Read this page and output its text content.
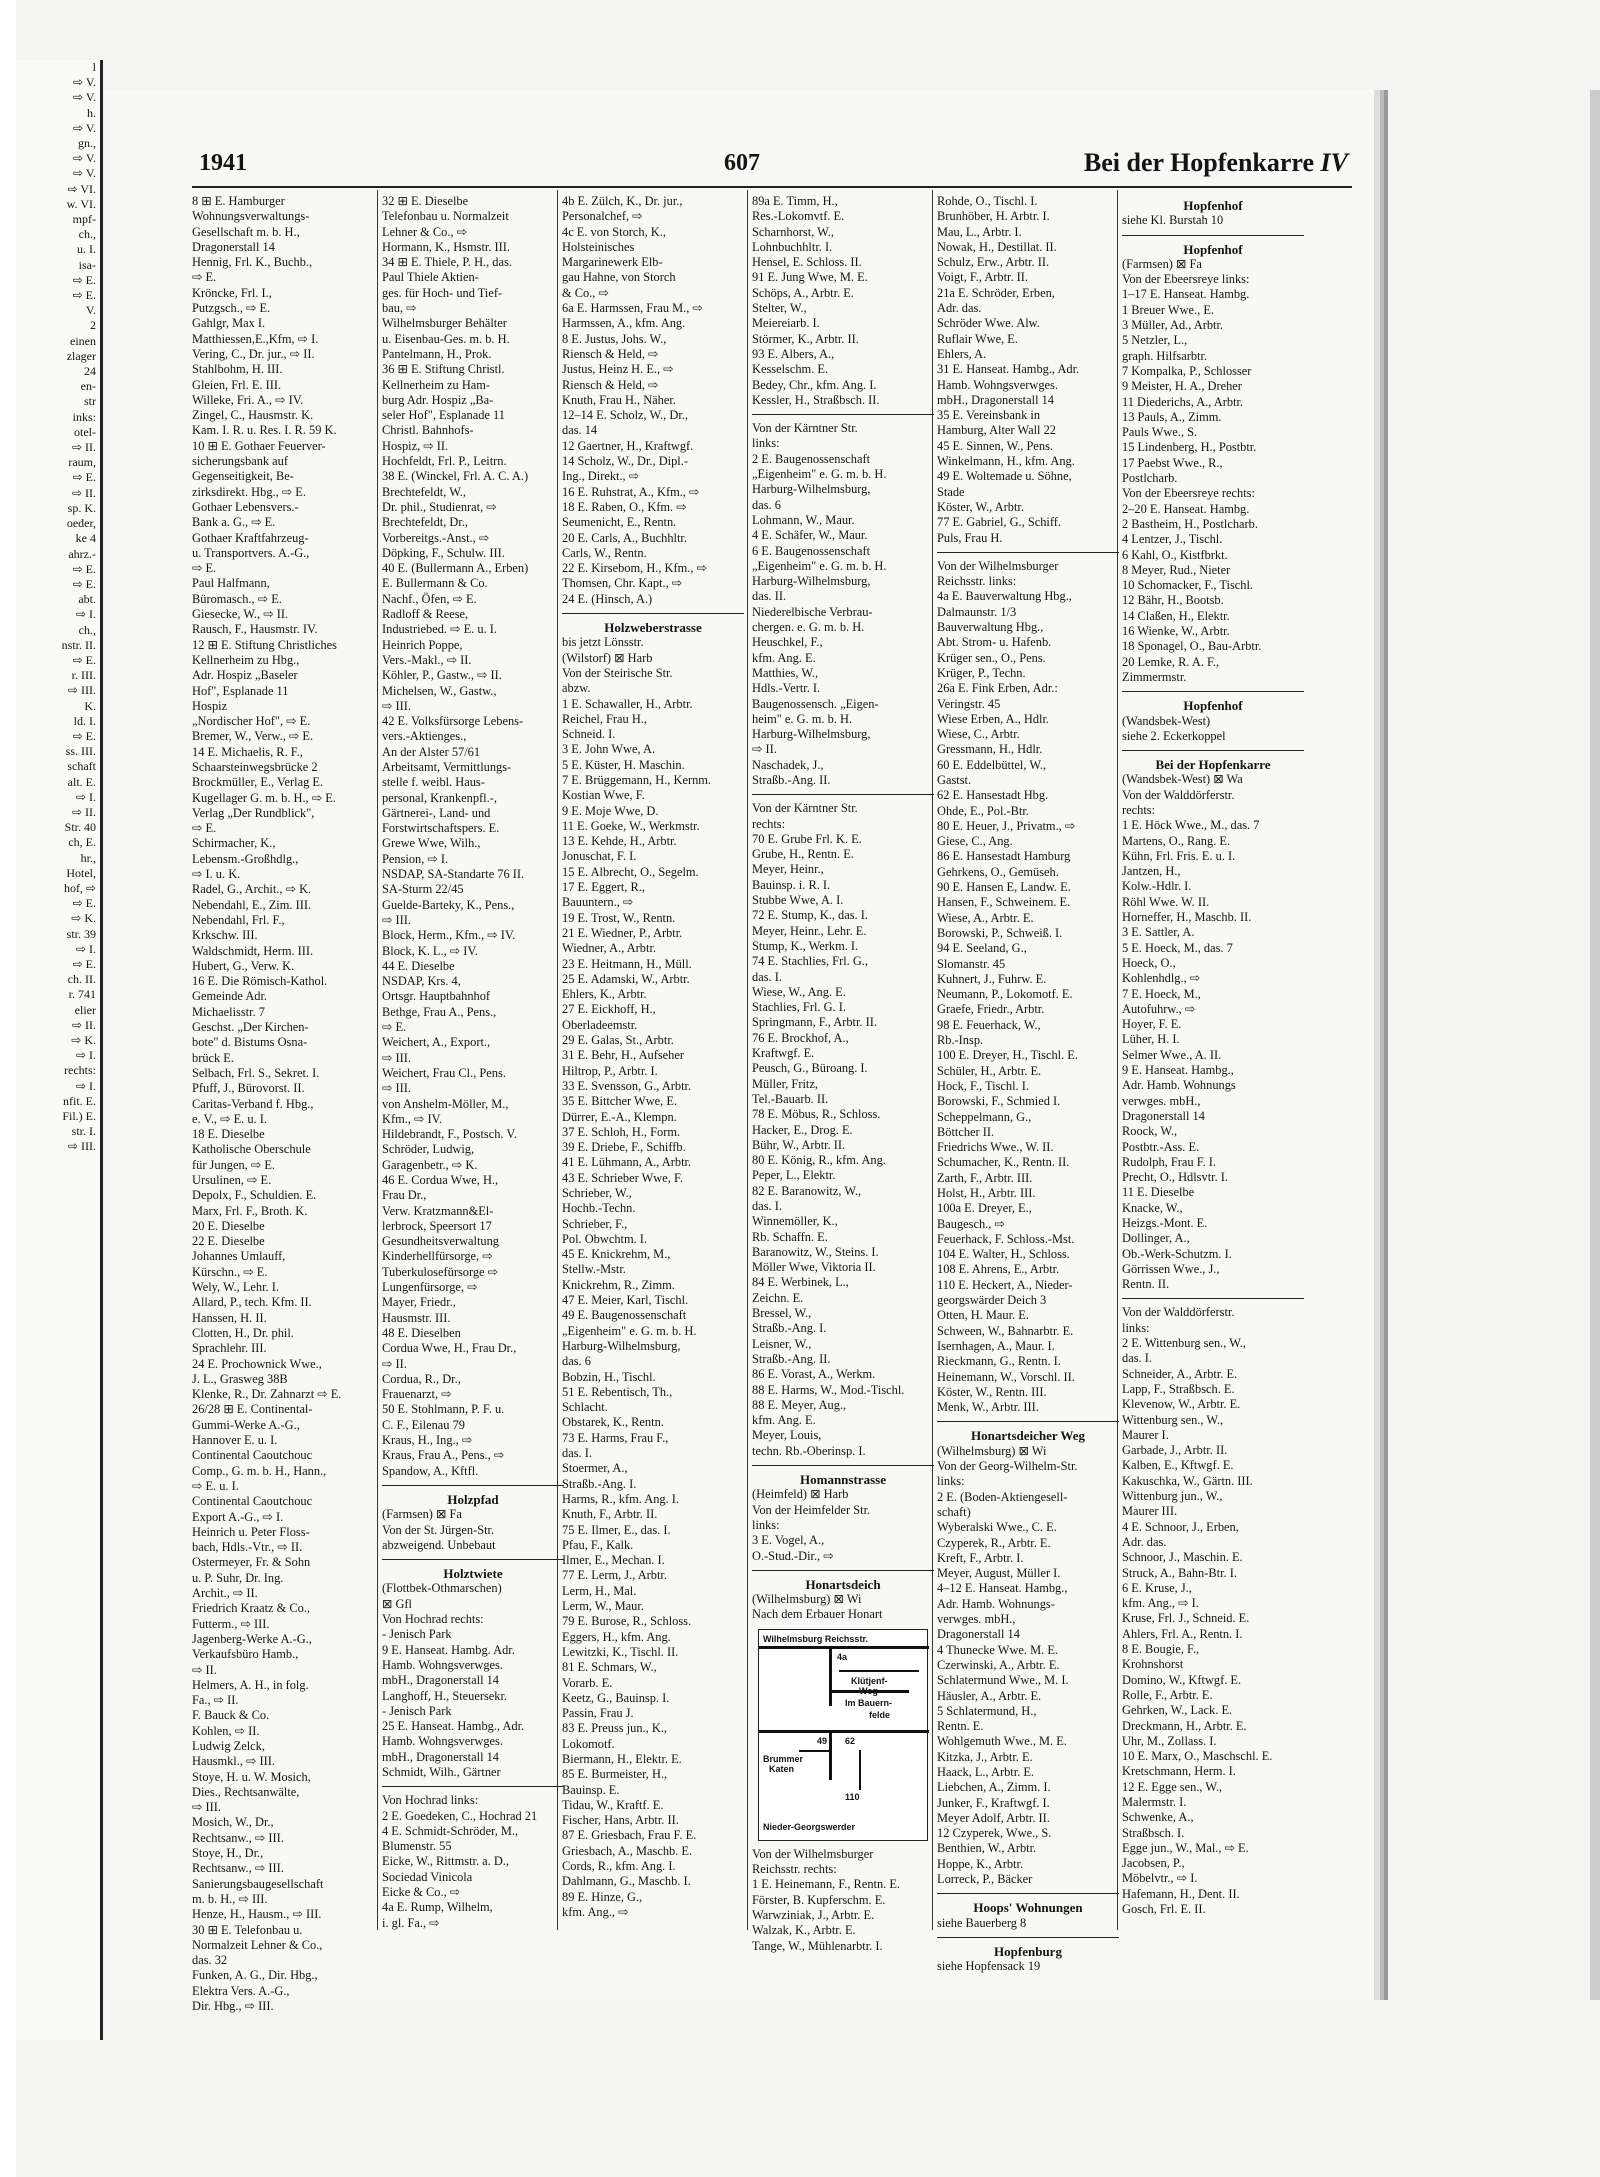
l
⇨ V.
⇨ V.
h.
⇨ V.
gn.,
⇨ V.
⇨ V.
⇨ VI.
w. VI.
mpf-
ch.,
u. I.
isa-
⇨ E.
⇨ E.
V.
2
einen
zlager
24
en-
str
inks:
otel-
⇨ II.
raum,
⇨ E.
⇨ II.
sp. K.
oeder,
ke 4
ahrz.-
⇨ E.
⇨ E.
abt.
⇨ I.
ch.,
nstr. II.
⇨ E.
r. III.
⇨ III.
K.
ld. I.
⇨ E.
ss. III.
schaft
alt. E.
⇨ I.
⇨ II.
Str. 40
ch, E.
hr.,
Hotel,
hof, ⇨
⇨ E.
⇨ K.
str. 39
⇨ I.
⇨ E.
ch. II.
r. 741
elier
⇨ II.
⇨ K.
⇨ I.
rechts:
⇨ I.
nfit. E.
Fil.) E.
str. I.
⇨ III.
1941	607	Bei der Hopfenkarre IV
8 ⊞ E. Hamburger
Wohnungsverwaltungs-
Gesellschaft m. b. H.,
Dragonerstall 14
Hennig, Frl. K., Buchb.,
⇨ E.
Kröncke, Frl. I.,
Putzgsch., ⇨ E.
Gahlgr, Max I.
Matthiessen,E.,Kfm, ⇨ I.
Vering, C., Dr. jur., ⇨ II.
Stahlbohm, H. III.
Gleien, Frl. E. III.
Willeke, Fri. A., ⇨ IV.
Zingel, C., Hausmstr. K.
Kam. I. R. u. Res. I. R. 59 K.
10 ⊞ E. Gothaer Feuerver-
sicherungsbank auf
Gegenseitigkeit, Be-
zirksdirekt. Hbg., ⇨ E.
Gothaer Lebensvers.-
Bank a. G., ⇨ E.
Gothaer Kraftfahrzeug-
u. Transportvers. A.-G.,
⇨ E.
Paul Halfmann,
Büromasch., ⇨ E.
Giesecke, W., ⇨ II.
Rausch, F., Hausmstr. IV.
12 ⊞ E. Stiftung Christliches
Kellnerheim zu Hbg.,
Adr. Hospiz „Baseler
Hof", Esplanade 11
Hospiz
„Nordischer Hof", ⇨ E.
Bremer, W., Verw., ⇨ E.
14 E. Michaelis, R. F.,
Schaarsteinwegsbrücke 2
Brockmüller, E., Verlag E.
Kugellager G. m. b. H., ⇨ E.
Verlag „Der Rundblick",
⇨ E.
Schirmacher, K.,
Lebensm.-Großhdlg.,
⇨ I. u. K.
Radel, G., Archit., ⇨ K.
Nebendahl, E., Zim. III.
Nebendahl, Frl. F.,
Krkschw. III.
Waldschmidt, Herm. III.
Hubert, G., Verw. K.
16 E. Die Römisch-Kathol.
Gemeinde Adr.
Michaelisstr. 7
Geschst. „Der Kirchen-
bote" d. Bistums Osna-
brück E.
Selbach, Frl. S., Sekret. I.
Pfuff, J., Bürovorst. II.
Caritas-Verband f. Hbg.,
e. V., ⇨ E. u. I.
18 E. Dieselbe
Katholische Oberschule
für Jungen, ⇨ E.
Ursulinen, ⇨ E.
Depolx, F., Schuldien. E.
Marx, Frl. F., Broth. K.
20 E. Dieselbe
22 E. Dieselbe
Johannes Umlauff,
Kürschn., ⇨ E.
Wely, W., Lehr. I.
Allard, P., tech. Kfm. II.
Hanssen, H. II.
Clotten, H., Dr. phil.
Sprachlehr. III.
24 E. Prochownick Wwe.,
J. L., Grasweg 38B
Klenke, R., Dr. Zahnarzt ⇨ E.
26/28 ⊞ E. Continental-
Gummi-Werke A.-G.,
Hannover E. u. I.
Continental Caoutchouc
Comp., G. m. b. H., Hann.,
⇨ E. u. I.
Continental Caoutchouc
Export A.-G., ⇨ I.
Heinrich u. Peter Floss-
bach, Hdls.-Vtr., ⇨ II.
Ostermeyer, Fr. & Sohn
u. P. Suhr, Dr. Ing.
Archit., ⇨ II.
Friedrich Kraatz & Co.,
Futterm., ⇨ III.
Jagenberg-Werke A.-G.,
Verkaufsbüro Hamb.,
⇨ II.
Helmers, A. H., in folg.
Fa., ⇨ II.
F. Bauck & Co.
Kohlen, ⇨ II.
Ludwig Zelck,
Hausmkl., ⇨ III.
Stoye, H. u. W. Mosich,
Dies., Rechtsanwälte,
⇨ III.
Mosich, W., Dr.,
Rechtsanw., ⇨ III.
Stoye, H., Dr.,
Rechtsanw., ⇨ III.
Sanierungsbaugesellschaft
m. b. H., ⇨ III.
Henze, H., Hausm., ⇨ III.
30 ⊞ E. Telefonbau u.
Normalzeit Lehner & Co.,
das. 32
Funken, A. G., Dir. Hbg.,
Elektra Vers. A.-G.,
Dir. Hbg., ⇨ III.
32 ⊞ E. Dieselbe
Telefonbau u. Normalzeit
Lehner & Co., ⇨
Hormann, K., Hsmstr. III.
34 ⊞ E. Thiele, P. H., das.
Paul Thiele Aktien-
ges. für Hoch- und Tief-
bau, ⇨
Wilhelmsburger Behälter
u. Eisenbau-Ges. m. b. H.
Pantelmann, H., Prok.
36 ⊞ E. Stiftung Christl.
Kellnerheim zu Ham-
burg Adr. Hospiz „Ba-
seler Hof", Esplanade 11
Christl. Bahnhofs-
Hospiz, ⇨ II.
Hochfeldt, Frl. P., Leitrn.
38 E. (Winckel, Frl. A. C. A.)
Brechtefeldt, W.,
Dr. phil., Studienrat, ⇨
Brechtefeldt, Dr.,
Vorbereitgs.-Anst., ⇨
Döpking, F., Schulw. III.
40 E. (Bullermann A., Erben)
E. Bullermann & Co.
Nachf., Öfen, ⇨ E.
Radloff & Reese,
Industriebed. ⇨ E. u. I.
Heinrich Poppe,
Vers.-Makl., ⇨ II.
Köhler, P., Gastw., ⇨ II.
Michelsen, W., Gastw.,
⇨ III.
42 E. Volksfürsorge Lebens-
vers.-Aktienges.,
An der Alster 57/61
Arbeitsamt, Vermittlungs-
stelle f. weibl. Haus-
personal, Krankenpfl.-,
Gärtnerei-, Land- und
Forstwirtschaftspers. E.
Grewe Wwe, Wilh.,
Pension, ⇨ I.
NSDAP, SA-Standarte 76 II.
SA-Sturm 22/45
Guelde-Barteky, K., Pens.,
⇨ III.
Block, Herm., Kfm., ⇨ IV.
Block, K. L., ⇨ IV.
44 E. Dieselbe
NSDAP, Krs. 4,
Ortsgr. Hauptbahnhof
Bethge, Frau A., Pens.,
⇨ E.
Weichert, A., Export.,
⇨ III.
Weichert, Frau Cl., Pens.
⇨ III.
von Anshelm-Möller, M.,
Kfm., ⇨ IV.
Hildebrandt, F., Postsch. V.
Schröder, Ludwig,
Garagenbetr., ⇨ K.
46 E. Cordua Wwe, H.,
Frau Dr.,
Verw. Kratzmann&El-
lerbrock, Speersort 17
Gesundheitsverwaltung
Kinderhellfürsorge, ⇨
Tuberkulosefürsorge ⇨
Lungenfürsorge, ⇨
Mayer, Friedr.,
Hausmstr. III.
48 E. Dieselben
Cordua Wwe, H., Frau Dr.,
⇨ II.
Cordua, R., Dr.,
Frauenarzt, ⇨
50 E. Stohlmann, P. F. u.
C. F., Eilenau 79
Kraus, H., Ing., ⇨
Kraus, Frau A., Pens., ⇨
Spandow, A., Kftfl.
Holzpfad
(Farmsen) ⊠ Fa
Von der St. Jürgen-Str.
abzweigend. Unbebaut
Holztwiete
(Flottbek-Othmarschen)
⊠ Gfl
Von Hochrad rechts:
- Jenisch Park
9 E. Hanseat. Hambg. Adr.
Hamb. Wohngsverwges.
mbH., Dragonerstall 14
Langhoff, H., Steuersekr.
- Jenisch Park
25 E. Hanseat. Hambg., Adr.
Hamb. Wohngsverwges.
mbH., Dragonerstall 14
Schmidt, Wilh., Gärtner
Von Hochrad links:
2 E. Goedeken, C., Hochrad 21
4 E. Schmidt-Schröder, M.,
Blumenstr. 55
Eicke, W., Rittmstr. a. D.,
Sociedad Vinicola
Eicke & Co., ⇨
4a E. Rump, Wilhelm,
i. gl. Fa., ⇨
4b E. Zülch, K., Dr. jur.,
Personalchef, ⇨
4c E. von Storch, K.,
Holsteinisches
Margarinewerk Elb-
gau Hahne, von Storch
& Co., ⇨
6a E. Harmssen, Frau M., ⇨
Harmssen, A., kfm. Ang.
8 E. Justus, Johs. W.,
Riensch & Held, ⇨
Justus, Heinz H. E., ⇨
Riensch & Held, ⇨
Knuth, Frau H., Näher.
12–14 E. Scholz, W., Dr.,
das. 14
12 Gaertner, H., Kraftwgf.
14 Scholz, W., Dr., Dipl.-
Ing., Direkt., ⇨
16 E. Ruhstrat, A., Kfm., ⇨
18 E. Raben, O., Kfm. ⇨
Seumenicht, E., Rentn.
20 E. Carls, A., Buchhltr.
Carls, W., Rentn.
22 E. Kirsebom, H., Kfm., ⇨
Thomsen, Chr. Kapt., ⇨
24 E. (Hinsch, A.)
Holzweberstrasse
bis jetzt Lönsstr.
(Wilstorf) ⊠ Harb
Von der Steirische Str.
abzw.
1 E. Schawaller, H., Arbtr.
Reichel, Frau H.,
Schneid. I.
3 E. John Wwe, A.
5 E. Küster, H. Maschin.
7 E. Brüggemann, H., Kernm.
Kostian Wwe, F.
9 E. Moje Wwe, D.
11 E. Goeke, W., Werkmstr.
13 E. Kehde, H., Arbtr.
Jonuschat, F. I.
15 E. Albrecht, O., Segelm.
17 E. Eggert, R.,
Bauuntern., ⇨
19 E. Trost, W., Rentn.
21 E. Wiedner, P., Arbtr.
Wiedner, A., Arbtr.
23 E. Heitmann, H., Müll.
25 E. Adamski, W., Arbtr.
Ehlers, K., Arbtr.
27 E. Eickhoff, H.,
Oberladeemstr.
29 E. Galas, St., Arbtr.
31 E. Behr, H., Aufseher
Hiltrop, P., Arbtr. I.
33 E. Svensson, G., Arbtr.
35 E. Bittcher Wwe, E.
Dürrer, E.-A., Klempn.
37 E. Schloh, H., Form.
39 E. Driebe, F., Schiffb.
41 E. Lühmann, A., Arbtr.
43 E. Schrieber Wwe, F.
Schrieber, W.,
Hochb.-Techn.
Schrieber, F.,
Pol. Obwchtm. I.
45 E. Knickrehm, M.,
Stellw.-Mstr.
Knickrehm, R., Zimm.
47 E. Meier, Karl, Tischl.
49 E. Baugenossenschaft
„Eigenheim" e. G. m. b. H.
Harburg-Wilhelmsburg,
das. 6
Bobzin, H., Tischl.
51 E. Rebentisch, Th.,
Schlacht.
Obstarek, K., Rentn.
73 E. Harms, Frau F.,
das. I.
Stoermer, A.,
Straßb.-Ang. I.
Harms, R., kfm. Ang. I.
Knuth, F., Arbtr. II.
75 E. Ilmer, E., das. I.
Pfau, F., Kalk.
Ilmer, E., Mechan. I.
77 E. Lerm, J., Arbtr.
Lerm, H., Mal.
Lerm, W., Maur.
79 E. Burose, R., Schloss.
Eggers, H., kfm. Ang.
Lewitzki, K., Tischl. II.
81 E. Schmars, W.,
Vorarb. E.
Keetz, G., Bauinsp. I.
Passin, Frau J.
83 E. Preuss jun., K.,
Lokomotf.
Biermann, H., Elektr. E.
85 E. Burmeister, H.,
Bauinsp. E.
Tidau, W., Kraftf. E.
Fischer, Hans, Arbtr. II.
87 E. Griesbach, Frau F. E.
Griesbach, A., Maschb. E.
Cords, R., kfm. Ang. I.
Dahlmann, G., Maschb. I.
89 E. Hinze, G.,
kfm. Ang., ⇨
89a E. Timm, H.,
Res.-Lokomvtf. E.
Scharnhorst, W.,
Lohnbuchhltr. I.
Hensel, E. Schloss. II.
91 E. Jung Wwe, M. E.
Schöps, A., Arbtr. E.
Stelter, W.,
Meiereiarb. I.
Störmer, K., Arbtr. II.
93 E. Albers, A.,
Kesselschm. E.
Bedey, Chr., kfm. Ang. I.
Kessler, H., Straßbsch. II.
Von der Kärntner Str.
links:
2 E. Baugenossenschaft
„Eigenheim" e. G. m. b. H.
Harburg-Wilhelmsburg,
das. 6
Lohmann, W., Maur.
4 E. Schäfer, W., Maur.
6 E. Baugenossenschaft
„Eigenheim" e. G. m. b. H.
Harburg-Wilhelmsburg,
das. II.
Niederelbische Verbrau-
chergen. e. G. m. b. H.
Heuschkel, F.,
kfm. Ang. E.
Matthies, W.,
Hdls.-Vertr. I.
Baugenossensch. „Eigen-
heim" e. G. m. b. H.
Harburg-Wilhelmsburg,
⇨ II.
Naschadek, J.,
Straßb.-Ang. II.
Von der Kärntner Str.
rechts:
70 E. Grube Frl. K. E.
Grube, H., Rentn. E.
Meyer, Heinr.,
Bauinsp. i. R. I.
Stubbe Wwe, A. I.
72 E. Stump, K., das. I.
Meyer, Heinr., Lehr. E.
Stump, K., Werkm. I.
74 E. Stachlies, Frl. G.,
das. I.
Wiese, W., Ang. E.
Stachlies, Frl. G. I.
Springmann, F., Arbtr. II.
76 E. Brockhof, A.,
Kraftwgf. E.
Peusch, G., Büroang. I.
Müller, Fritz,
Tel.-Bauarb. II.
78 E. Möbus, R., Schloss.
Hacker, E., Drog. E.
Bühr, W., Arbtr. II.
80 E. König, R., kfm. Ang.
Peper, L., Elektr.
82 E. Baranowitz, W.,
das. I.
Winnemöller, K.,
Rb. Schaffn. E.
Baranowitz, W., Steins. I.
Möller Wwe, Viktoria II.
84 E. Werbinek, L.,
Zeichn. E.
Bressel, W.,
Straßb.-Ang. I.
Leisner, W.,
Straßb.-Ang. II.
86 E. Vorast, A., Werkm.
88 E. Harms, W., Mod.-Tischl.
88 E. Meyer, Aug.,
kfm. Ang. E.
Meyer, Louis,
techn. Rb.-Oberinsp. I.
Homannstrasse
(Heimfeld) ⊠ Harb
Von der Heimfelder Str.
links:
3 E. Vogel, A.,
O.-Stud.-Dir., ⇨
Honartsdeich
(Wilhelmsburg) ⊠ Wi
Nach dem Erbauer Honart
Wilhelmsburg Reichsstr.
4a
Klütjenf-
Weg
Im Bauern-
felde
49 62
Brummer
Katen
110
Nieder-Georgswerder
Von der Wilhelmsburger
Reichsstr. rechts:
1 E. Heinemann, F., Rentn. E.
Förster, B. Kupferschm. E.
Warwziniak, J., Arbtr. E.
Walzak, K., Arbtr. E.
Tange, W., Mühlenarbtr. I.
Rohde, O., Tischl. I.
Brunhöber, H. Arbtr. I.
Mau, L., Arbtr. I.
Nowak, H., Destillat. II.
Schulz, Erw., Arbtr. II.
Voigt, F., Arbtr. II.
21a E. Schröder, Erben,
Adr. das.
Schröder Wwe. Alw.
Ruflair Wwe, E.
Ehlers, A.
31 E. Hanseat. Hambg., Adr.
Hamb. Wohngsverwges.
mbH., Dragonerstall 14
35 E. Vereinsbank in
Hamburg, Alter Wall 22
45 E. Sinnen, W., Pens.
Winkelmann, H., kfm. Ang.
49 E. Woltemade u. Söhne,
Stade
Köster, W., Arbtr.
77 E. Gabriel, G., Schiff.
Puls, Frau H.
Von der Wilhelmsburger
Reichsstr. links:
4a E. Bauverwaltung Hbg.,
Dalmaunstr. 1/3
Bauverwaltung Hbg.,
Abt. Strom- u. Hafenb.
Krüger sen., O., Pens.
Krüger, P., Techn.
26a E. Fink Erben, Adr.:
Veringstr. 45
Wiese Erben, A., Hdlr.
Wiese, C., Arbtr.
Gressmann, H., Hdlr.
60 E. Eddelbüttel, W.,
Gastst.
62 E. Hansestadt Hbg.
Ohde, E., Pol.-Btr.
80 E. Heuer, J., Privatm., ⇨
Giese, C., Ang.
86 E. Hansestadt Hamburg
Gehrkens, O., Gemüseh.
90 E. Hansen E, Landw. E.
Hansen, F., Schweinem. E.
Wiese, A., Arbtr. E.
Borowski, P., Schweiß. I.
94 E. Seeland, G.,
Slomanstr. 45
Kuhnert, J., Fuhrw. E.
Neumann, P., Lokomotf. E.
Graefe, Friedr., Arbtr.
98 E. Feuerhack, W.,
Rb.-Insp.
100 E. Dreyer, H., Tischl. E.
Schüler, H., Arbtr. E.
Hock, F., Tischl. I.
Borowski, F., Schmied I.
Scheppelmann, G.,
Böttcher II.
Friedrichs Wwe., W. II.
Schumacher, K., Rentn. II.
Zarth, F., Arbtr. III.
Holst, H., Arbtr. III.
100a E. Dreyer, E.,
Baugesch., ⇨
Feuerhack, F. Schloss.-Mst.
104 E. Walter, H., Schloss.
108 E. Ahrens, E., Arbtr.
110 E. Heckert, A., Nieder-
georgswärder Deich 3
Otten, H. Maur. E.
Schween, W., Bahnarbtr. E.
Isernhagen, A., Maur. I.
Rieckmann, G., Rentn. I.
Heinemann, W., Vorschl. II.
Köster, W., Rentn. III.
Menk, W., Arbtr. III.
Honartsdeicher Weg
(Wilhelmsburg) ⊠ Wi
Von der Georg-Wilhelm-Str.
links:
2 E. (Boden-Aktiengesell-
schaft)
Wyberalski Wwe., C. E.
Czyperek, R., Arbtr. E.
Kreft, F., Arbtr. I.
Meyer, August, Müller I.
4–12 E. Hanseat. Hambg.,
Adr. Hamb. Wohnungs-
verwges. mbH.,
Dragonerstall 14
4 Thunecke Wwe. M. E.
Czerwinski, A., Arbtr. E.
Schlatermund Wwe., M. I.
Häusler, A., Arbtr. E.
5 Schlatermund, H.,
Rentn. E.
Wohlgemuth Wwe., M. E.
Kitzka, J., Arbtr. E.
Haack, L., Arbtr. E.
Liebchen, A., Zimm. I.
Junker, F., Kraftwgf. I.
Meyer Adolf, Arbtr. II.
12 Czyperek, Wwe., S.
Benthien, W., Arbtr.
Hoppe, K., Arbtr.
Lorreck, P., Bäcker
Hoops' Wohnungen
siehe Bauerberg 8
Hopfenburg
siehe Hopfensack 19
Hopfenhof
siehe Kl. Burstah 10
Hopfenhof
(Farmsen) ⊠ Fa
Von der Ebeersreye links:
1–17 E. Hanseat. Hambg.
1 Breuer Wwe., E.
3 Müller, Ad., Arbtr.
5 Netzler, L.,
graph. Hilfsarbtr.
7 Kompalka, P., Schlosser
9 Meister, H. A., Dreher
11 Diederichs, A., Arbtr.
13 Pauls, A., Zimm.
Pauls Wwe., S.
15 Lindenberg, H., Postbtr.
17 Paebst Wwe., R.,
Postlcharb.
Von der Ebeersreye rechts:
2–20 E. Hanseat. Hambg.
2 Bastheim, H., Postlcharb.
4 Lentzer, J., Tischl.
6 Kahl, O., Kistfbrkt.
8 Meyer, Rud., Nieter
10 Schomacker, F., Tischl.
12 Bähr, H., Bootsb.
14 Claßen, H., Elektr.
16 Wienke, W., Arbtr.
18 Sponagel, O., Bau-Arbtr.
20 Lemke, R. A. F.,
Zimmermstr.
Hopfenhof
(Wandsbek-West)
siehe 2. Eckerkoppel
Bei der Hopfenkarre
(Wandsbek-West) ⊠ Wa
Von der Walddörferstr.
rechts:
1 E. Höck Wwe., M., das. 7
Martens, O., Rang. E.
Kühn, Frl. Fris. E. u. I.
Jantzen, H.,
Kolw.-Hdlr. I.
Röhl Wwe. W. II.
Horneffer, H., Maschb. II.
3 E. Sattler, A.
5 E. Hoeck, M., das. 7
Hoeck, O.,
Kohlenhdlg., ⇨
7 E. Hoeck, M.,
Autofuhrw., ⇨
Hoyer, F. E.
Lüher, H. I.
Selmer Wwe., A. II.
9 E. Hanseat. Hambg.,
Adr. Hamb. Wohnungs
verwges. mbH.,
Dragonerstall 14
Roock, W.,
Postbtr.-Ass. E.
Rudolph, Frau F. I.
Precht, O., Hdlsvtr. I.
11 E. Dieselbe
Knacke, W.,
Heizgs.-Mont. E.
Dollinger, A.,
Ob.-Werk-Schutzm. I.
Görrissen Wwe., J.,
Rentn. II.
Von der Walddörferstr.
links:
2 E. Wittenburg sen., W.,
das. I.
Schneider, A., Arbtr. E.
Lapp, F., Straßbsch. E.
Klevenow, W., Arbtr. E.
Wittenburg sen., W.,
Maurer I.
Garbade, J., Arbtr. II.
Kalben, E., Kftwgf. E.
Kakuschka, W., Gärtn. III.
Wittenburg jun., W.,
Maurer III.
4 E. Schnoor, J., Erben,
Adr. das.
Schnoor, J., Maschin. E.
Struck, A., Bahn-Btr. I.
6 E. Kruse, J.,
kfm. Ang., ⇨ I.
Kruse, Frl. J., Schneid. E.
Ahlers, Frl. A., Rentn. I.
8 E. Bougie, F.,
Krohnshorst
Domino, W., Kftwgf. E.
Rolle, F., Arbtr. E.
Gehrken, W., Lack. E.
Dreckmann, H., Arbtr. E.
Uhr, M., Zollass. I.
10 E. Marx, O., Maschschl. E.
Kretschmann, Herm. I.
12 E. Egge sen., W.,
Malermstr. I.
Schwenke, A.,
Straßbsch. I.
Egge jun., W., Mal., ⇨ E.
Jacobsen, P.,
Möbelvtr., ⇨ I.
Hafemann, H., Dent. II.
Gosch, Frl. E. II.
